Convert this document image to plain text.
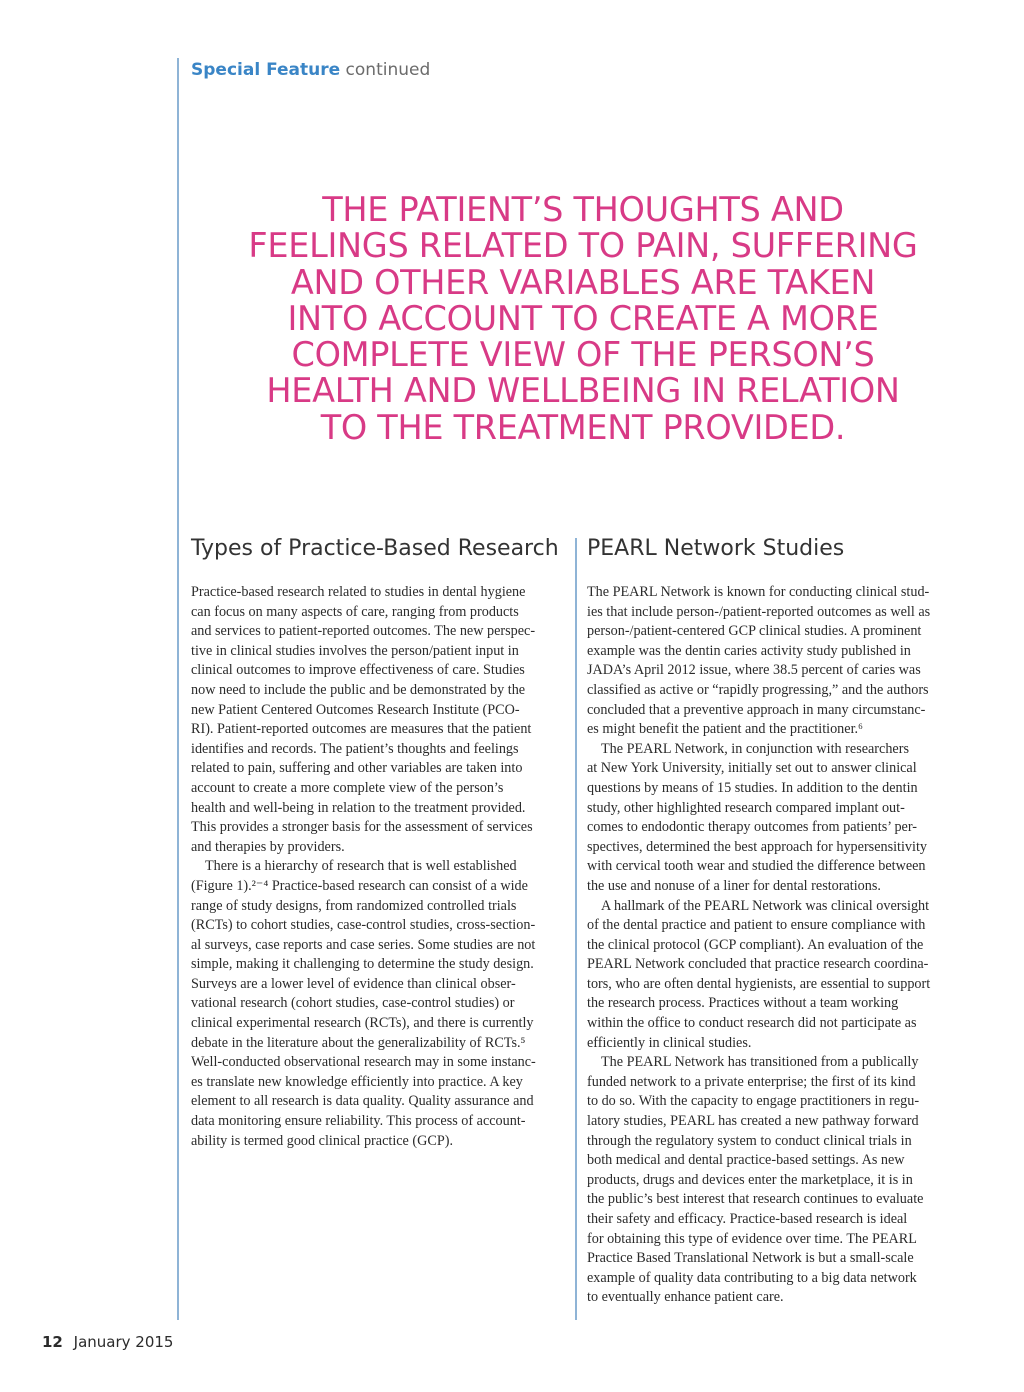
Special Feature continued
THE PATIENT’S THOUGHTS AND
FEELINGS RELATED TO PAIN, SUFFERING
AND OTHER VARIABLES ARE TAKEN
INTO ACCOUNT TO CREATE A MORE
COMPLETE VIEW OF THE PERSON’S
HEALTH AND WELLBEING IN RELATION
TO THE TREATMENT PROVIDED.
Types of Practice-Based Research PEARL Network Studies
Practice-based research related to studies in dental hygiene
can focus on many aspects of care, ranging from products
and services to patient-reported outcomes. The new perspec-
tive in clinical studies involves the person/patient input in
clinical outcomes to improve effectiveness of care. Studies
now need to include the public and be demonstrated by the
new Patient Centered Outcomes Research Institute (PCO-
RI). Patient-reported outcomes are measures that the patient
identifies and records. The patient’s thoughts and feelings
related to pain, suffering and other variables are taken into
account to create a more complete view of the person’s
health and well-being in relation to the treatment provided.
This provides a stronger basis for the assessment of services
and therapies by providers.
There is a hierarchy of research that is well established
(Figure 1).²⁻⁴ Practice-based research can consist of a wide
range of study designs, from randomized controlled trials
(RCTs) to cohort studies, case-control studies, cross-section-
al surveys, case reports and case series. Some studies are not
simple, making it challenging to determine the study design.
Surveys are a lower level of evidence than clinical obser-
vational research (cohort studies, case-control studies) or
clinical experimental research (RCTs), and there is currently
debate in the literature about the generalizability of RCTs.⁵
Well-conducted observational research may in some instanc-
es translate new knowledge efficiently into practice. A key
element to all research is data quality. Quality assurance and
data monitoring ensure reliability. This process of account-
ability is termed good clinical practice (GCP).
The PEARL Network is known for conducting clinical stud-
ies that include person-/patient-reported outcomes as well as
person-/patient-centered GCP clinical studies. A prominent
example was the dentin caries activity study published in
JADA’s April 2012 issue, where 38.5 percent of caries was
classified as active or “rapidly progressing,” and the authors
concluded that a preventive approach in many circumstanc-
es might benefit the patient and the practitioner.⁶
The PEARL Network, in conjunction with researchers
at New York University, initially set out to answer clinical
questions by means of 15 studies. In addition to the dentin
study, other highlighted research compared implant out-
comes to endodontic therapy outcomes from patients’ per-
spectives, determined the best approach for hypersensitivity
with cervical tooth wear and studied the difference between
the use and nonuse of a liner for dental restorations.
A hallmark of the PEARL Network was clinical oversight
of the dental practice and patient to ensure compliance with
the clinical protocol (GCP compliant). An evaluation of the
PEARL Network concluded that practice research coordina-
tors, who are often dental hygienists, are essential to support
the research process. Practices without a team working
within the office to conduct research did not participate as
efficiently in clinical studies.
The PEARL Network has transitioned from a publically
funded network to a private enterprise; the first of its kind
to do so. With the capacity to engage practitioners in regu-
latory studies, PEARL has created a new pathway forward
through the regulatory system to conduct clinical trials in
both medical and dental practice-based settings. As new
products, drugs and devices enter the marketplace, it is in
the public’s best interest that research continues to evaluate
their safety and efficacy. Practice-based research is ideal
for obtaining this type of evidence over time. The PEARL
Practice Based Translational Network is but a small-scale
example of quality data contributing to a big data network
to eventually enhance patient care.
12 January 2015
